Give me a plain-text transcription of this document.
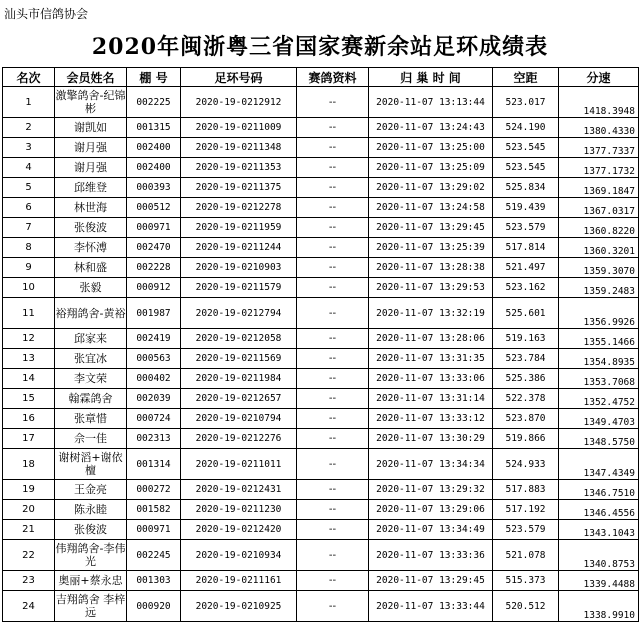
汕头市信鸽协会
2020年闽浙粤三省国家赛新余站足环成绩表
名次	会员姓名	棚 号	足环号码	赛鸽资料	归 巢 时 间	空距	分速
1	激擎鸽舍-纪锦彬	002225	2020-19-0212912	--	2020-11-07 13:13:44	523.017	1418.3948
2	谢凯如	001315	2020-19-0211009	--	2020-11-07 13:24:43	524.190	1380.4330
3	谢月强	002400	2020-19-0211348	--	2020-11-07 13:25:00	523.545	1377.7337
4	谢月强	002400	2020-19-0211353	--	2020-11-07 13:25:09	523.545	1377.1732
5	邱维登	000393	2020-19-0211375	--	2020-11-07 13:29:02	525.834	1369.1847
6	林世海	000512	2020-19-0212278	--	2020-11-07 13:24:58	519.439	1367.0317
7	张俊波	000971	2020-19-0211959	--	2020-11-07 13:29:45	523.579	1360.8220
8	李怀溥	002470	2020-19-0211244	--	2020-11-07 13:25:39	517.814	1360.3201
9	林和盛	002228	2020-19-0210903	--	2020-11-07 13:28:38	521.497	1359.3070
10	张毅	000912	2020-19-0211579	--	2020-11-07 13:29:53	523.162	1359.2483
11	裕翔鸽舍-黄裕	001987	2020-19-0212794	--	2020-11-07 13:32:19	525.601	1356.9926
12	邱家来	002419	2020-19-0212058	--	2020-11-07 13:28:06	519.163	1355.1466
13	张宜冰	000563	2020-19-0211569	--	2020-11-07 13:31:35	523.784	1354.8935
14	李文荣	000402	2020-19-0211984	--	2020-11-07 13:33:06	525.386	1353.7068
15	翰霖鸽舍	002039	2020-19-0212657	--	2020-11-07 13:31:14	522.378	1352.4752
16	张章惜	000724	2020-19-0210794	--	2020-11-07 13:33:12	523.870	1349.4703
17	佘一佳	002313	2020-19-0212276	--	2020-11-07 13:30:29	519.866	1348.5750
18	谢树滔+谢依檀	001314	2020-19-0211011	--	2020-11-07 13:34:34	524.933	1347.4349
19	王金亮	000272	2020-19-0212431	--	2020-11-07 13:29:32	517.883	1346.7510
20	陈永睦	001582	2020-19-0211230	--	2020-11-07 13:29:06	517.192	1346.4556
21	张俊波	000971	2020-19-0212420	--	2020-11-07 13:34:49	523.579	1343.1043
22	伟翔鸽舍-李伟光	002245	2020-19-0210934	--	2020-11-07 13:33:36	521.078	1340.8753
23	奥丽+蔡永忠	001303	2020-19-0211161	--	2020-11-07 13:29:45	515.373	1339.4488
24	吉翔鸽舍 李梓远	000920	2020-19-0210925	--	2020-11-07 13:33:44	520.512	1338.9910
